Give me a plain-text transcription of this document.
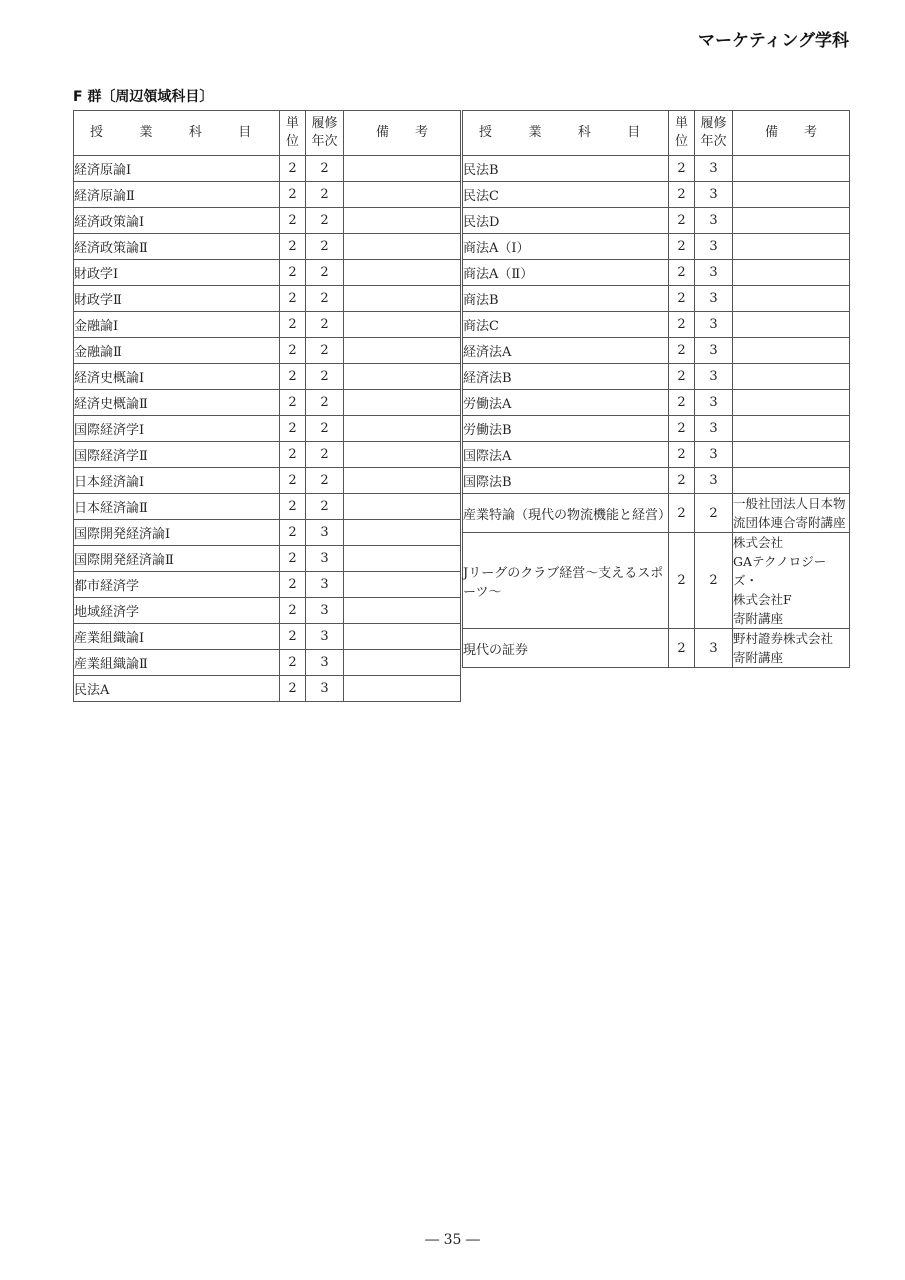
マーケティング学科
F 群〔周辺領域科目〕
授　業　科　目	単
位	履修
年次	備　　考
経済原論Ⅰ	2	2	
経済原論Ⅱ	2	2	
経済政策論Ⅰ	2	2	
経済政策論Ⅱ	2	2	
財政学Ⅰ	2	2	
財政学Ⅱ	2	2	
金融論Ⅰ	2	2	
金融論Ⅱ	2	2	
経済史概論Ⅰ	2	2	
経済史概論Ⅱ	2	2	
国際経済学Ⅰ	2	2	
国際経済学Ⅱ	2	2	
日本経済論Ⅰ	2	2	
日本経済論Ⅱ	2	2	
国際開発経済論Ⅰ	2	3	
国際開発経済論Ⅱ	2	3	
都市経済学	2	3	
地域経済学	2	3	
産業組織論Ⅰ	2	3	
産業組織論Ⅱ	2	3	
民法A	2	3	
授　業　科　目	単
位	履修
年次	備　　考
民法B	2	3	
民法C	2	3	
民法D	2	3	
商法A（Ⅰ）	2	3	
商法A（Ⅱ）	2	3	
商法B	2	3	
商法C	2	3	
経済法A	2	3	
経済法B	2	3	
労働法A	2	3	
労働法B	2	3	
国際法A	2	3	
国際法B	2	3	
産業特論（現代の物流機能と経営）	2	2	一般社団法人日本物
流団体連合寄附講座

Jリーグのクラブ経営～支えるスポーツ～	2	2	株式会社
GAテクノロジーズ・
株式会社F
寄附講座

現代の証券	2	3	野村證券株式会社
寄附講座

― 35 ―
